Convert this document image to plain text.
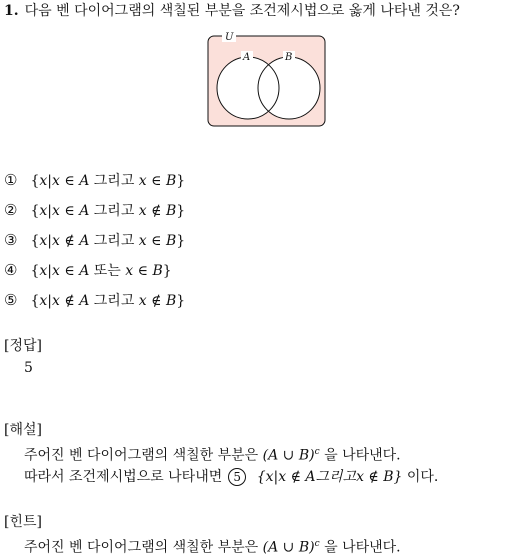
1. 다음 벤 다이어그램의 색칠된 부분을 조건제시법으로 옳게 나타낸 것은?
U
A	B
① {x|x ∈ A 그리고 x ∈ B}
② {x|x ∈ A 그리고 x ∉ B}
③ {x|x ∉ A 그리고 x ∈ B}
④ {x|x ∈ A 또는 x ∈ B}
⑤ {x|x ∉ A 그리고 x ∉ B}
[정답]
5
[해설]
주어진 벤 다이어그램의 색칠한 부분은 (A ∪ B)$^c$ 을 나타낸다.
따라서 조건제시법으로 나타내면 5 {x|x ∉ A그리고x ∉ B} 이다.
[힌트]
주어진 벤 다이어그램의 색칠한 부분은 (A ∪ B)$^c$ 을 나타낸다.
